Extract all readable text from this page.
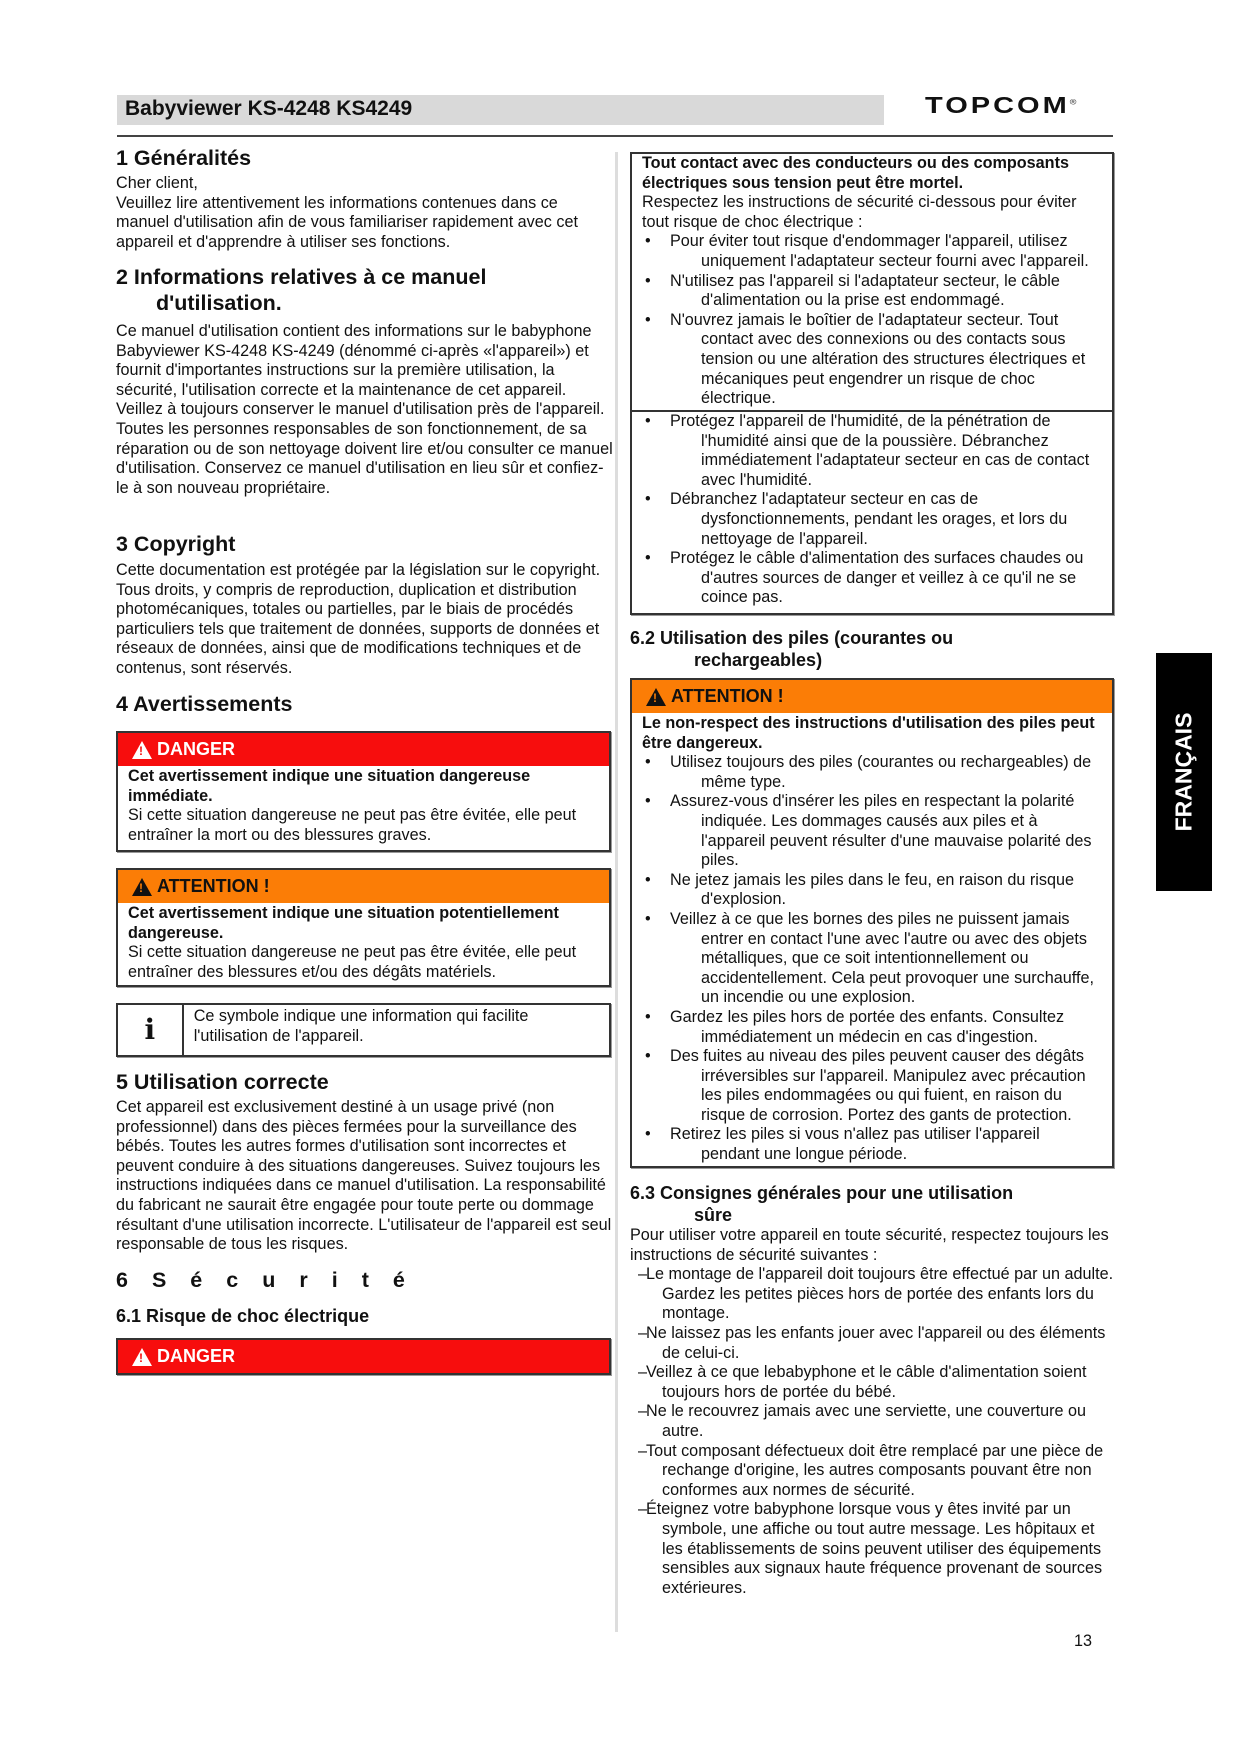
Babyviewer KS-4248 KS4249	TOPCOM®
1 Généralités

Cher client,

Veuillez lire attentivement les informations contenues dans ce manuel d'utilisation afin de vous familiariser rapidement avec cet appareil et d'apprendre à utiliser ses fonctions.

2 Informations relatives à ce manuel
d'utilisation.

Ce manuel d'utilisation contient des informations sur le babyphone Babyviewer KS-4248 KS-4249 (dénommé ci-après «l'appareil») et fournit d'importantes instructions sur la première utilisation, la sécurité, l'utilisation correcte et la maintenance de cet appareil.

Veillez à toujours conserver le manuel d'utilisation près de l'appareil. Toutes les personnes responsables de son fonctionnement, de sa réparation ou de son nettoyage doivent lire et/ou consulter ce manuel d'utilisation. Conservez ce manuel d'utilisation en lieu sûr et confiez-le à son nouveau propriétaire.

3 Copyright
Cette documentation est protégée par la législation sur le copyright. Tous droits, y compris de reproduction, duplication et distribution photomécaniques, totales ou partielles, par le biais de procédés particuliers tels que traitement de données, supports de données et réseaux de données, ainsi que de modifications techniques et de contenus, sont réservés.
4 Avertissements
!
DANGER

Cet avertissement indique une situation dangereuse immédiate.

Si cette situation dangereuse ne peut pas être évitée, elle peut entraîner la mort ou des blessures graves.

!
ATTENTION !

Cet avertissement indique une situation potentiellement dangereuse.

Si cette situation dangereuse ne peut pas être évitée, elle peut entraîner des blessures et/ou des dégâts matériels.

i	Ce symbole indique une information qui facilite l'utilisation de l'appareil.
5 Utilisation correcte
Cet appareil est exclusivement destiné à un usage privé (non professionnel) dans des pièces fermées pour la surveillance des bébés. Toutes les autres formes d'utilisation sont incorrectes et peuvent conduire à des situations dangereuses. Suivez toujours les instructions indiquées dans ce manuel d'utilisation. La responsabilité du fabricant ne saurait être engagée pour toute perte ou dommage résultant d'une utilisation incorrecte. L'utilisateur de l'appareil est seul responsable de tous les risques.
6 Sécurité
6.1 Risque de choc électrique
!
DANGER

Tout contact avec des conducteurs ou des composants électriques sous tension peut être mortel.

Respectez les instructions de sécurité ci-dessous pour éviter tout risque de choc électrique :

• Pour éviter tout risque d'endommager l'appareil, utilisez uniquement l'adaptateur secteur fourni avec l'appareil.
• N'utilisez pas l'appareil si l'adaptateur secteur, le câble d'alimentation ou la prise est endommagé.
• N'ouvrez jamais le boîtier de l'adaptateur secteur. Tout contact avec des connexions ou des contacts sous tension ou une altération des structures électriques et mécaniques peut engendrer un risque de choc électrique.
• Protégez l'appareil de l'humidité, de la pénétration de l'humidité ainsi que de la poussière. Débranchez immédiatement l'adaptateur secteur en cas de contact avec l'humidité.
• Débranchez l'adaptateur secteur en cas de dysfonctionnements, pendant les orages, et lors du nettoyage de l'appareil.
• Protégez le câble d'alimentation des surfaces chaudes ou d'autres sources de danger et veillez à ce qu'il ne se coince pas.
6.2 Utilisation des piles (courantes ou
rechargeables)
!
ATTENTION !

Le non-respect des instructions d'utilisation des piles peut être dangereux.

• Utilisez toujours des piles (courantes ou rechargeables) de même type.
• Assurez-vous d'insérer les piles en respectant la polarité indiquée. Les dommages causés aux piles et à l'appareil peuvent résulter d'une mauvaise polarité des piles.
• Ne jetez jamais les piles dans le feu, en raison du risque d'explosion.
• Veillez à ce que les bornes des piles ne puissent jamais entrer en contact l'une avec l'autre ou avec des objets métalliques, que ce soit intentionnellement ou accidentellement. Cela peut provoquer une surchauffe, un incendie ou une explosion.
• Gardez les piles hors de portée des enfants. Consultez immédiatement un médecin en cas d'ingestion.
• Des fuites au niveau des piles peuvent causer des dégâts irréversibles sur l'appareil. Manipulez avec précaution les piles endommagées ou qui fuient, en raison du risque de corrosion. Portez des gants de protection.
• Retirez les piles si vous n'allez pas utiliser l'appareil pendant une longue période.
6.3 Consignes générales pour une utilisation
sûre

Pour utiliser votre appareil en toute sécurité, respectez toujours les instructions de sécurité suivantes :

– Le montage de l'appareil doit toujours être effectué par un adulte. Gardez les petites pièces hors de portée des enfants lors du montage.
– Ne laissez pas les enfants jouer avec l'appareil ou des éléments de celui-ci.
– Veillez à ce que lebabyphone et le câble d'alimentation soient toujours hors de portée du bébé.
– Ne le recouvrez jamais avec une serviette, une couverture ou autre.
– Tout composant défectueux doit être remplacé par une pièce de rechange d'origine, les autres composants pouvant être non conformes aux normes de sécurité.
– Éteignez votre babyphone lorsque vous y êtes invité par un symbole, une affiche ou tout autre message. Les hôpitaux et les établissements de soins peuvent utiliser des équipements sensibles aux signaux haute fréquence provenant de sources extérieures.
FRANÇAIS
13
